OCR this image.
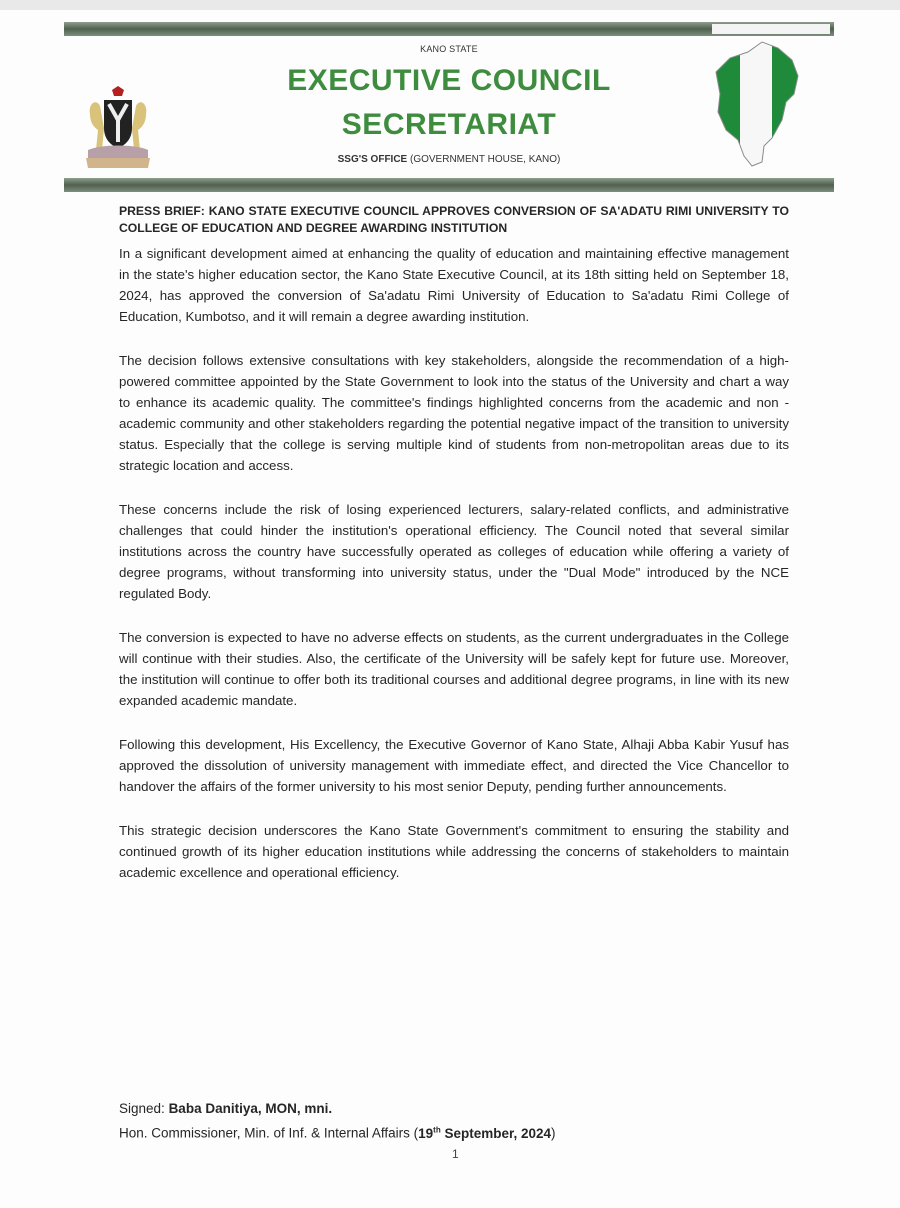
KANO STATE
EXECUTIVE COUNCIL
SECRETARIAT
SSG'S OFFICE (GOVERNMENT HOUSE, KANO)

PRESS BRIEF: KANO STATE EXECUTIVE COUNCIL APPROVES CONVERSION OF SA'ADATU RIMI UNIVERSITY TO COLLEGE OF EDUCATION AND DEGREE AWARDING INSTITUTION

In a significant development aimed at enhancing the quality of education and maintaining effective management in the state's higher education sector, the Kano State Executive Council, at its 18th sitting held on September 18, 2024, has approved the conversion of Sa'adatu Rimi University of Education to Sa'adatu Rimi College of Education, Kumbotso, and it will remain a degree awarding institution.

The decision follows extensive consultations with key stakeholders, alongside the recommendation of a high-powered committee appointed by the State Government to look into the status of the University and chart a way to enhance its academic quality. The committee's findings highlighted concerns from the academic and non - academic community and other stakeholders regarding the potential negative impact of the transition to university status. Especially that the college is serving multiple kind of students from non-metropolitan areas due to its strategic location and access.

These concerns include the risk of losing experienced lecturers, salary-related conflicts, and administrative challenges that could hinder the institution's operational efficiency. The Council noted that several similar institutions across the country have successfully operated as colleges of education while offering a variety of degree programs, without transforming into university status, under the "Dual Mode" introduced by the NCE regulated Body.

The conversion is expected to have no adverse effects on students, as the current undergraduates in the College will continue with their studies. Also, the certificate of the University will be safely kept for future use. Moreover, the institution will continue to offer both its traditional courses and additional degree programs, in line with its new expanded academic mandate.

Following this development, His Excellency, the Executive Governor of Kano State, Alhaji Abba Kabir Yusuf has approved the dissolution of university management with immediate effect, and directed the Vice Chancellor to handover the affairs of the former university to his most senior Deputy, pending further announcements.

This strategic decision underscores the Kano State Government's commitment to ensuring the stability and continued growth of its higher education institutions while addressing the concerns of stakeholders to maintain academic excellence and operational efficiency.

Signed: Baba Danitiya, MON, mni.
Hon. Commissioner, Min. of Inf. & Internal Affairs (19th September, 2024)
1
